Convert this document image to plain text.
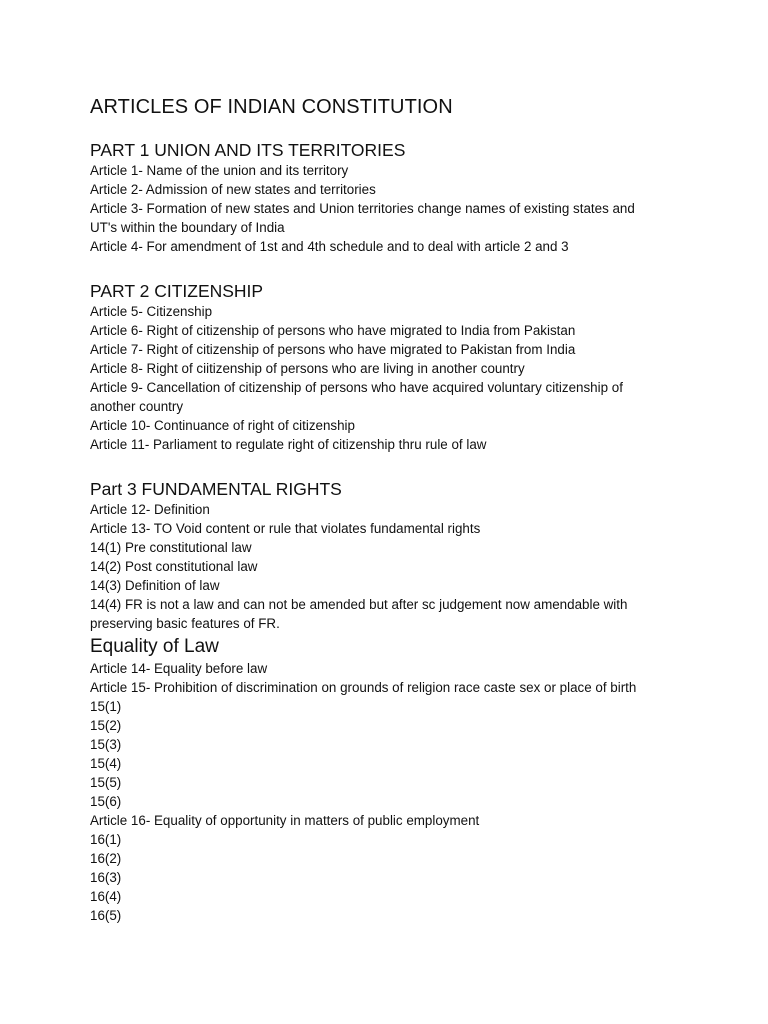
ARTICLES OF INDIAN CONSTITUTION
PART 1 UNION AND ITS TERRITORIES

Article 1- Name of the union and its territory

Article 2- Admission of new states and territories

Article 3- Formation of new states and Union territories change names of existing states and

UT's within the boundary of India

Article 4- For amendment of 1st and 4th schedule and to deal with article 2 and 3

PART 2 CITIZENSHIP

Article 5- Citizenship

Article 6- Right of citizenship of persons who have migrated to India from Pakistan

Article 7- Right of citizenship of persons who have migrated to Pakistan from India

Article 8- Right of ciitizenship of persons who are living in another country

Article 9- Cancellation of citizenship of persons who have acquired voluntary citizenship of

another country

Article 10- Continuance of right of citizenship

Article 11- Parliament to regulate right of citizenship thru rule of law

Part 3 FUNDAMENTAL RIGHTS

Article 12- Definition

Article 13- TO Void content or rule that violates fundamental rights

14(1) Pre constitutional law

14(2) Post constitutional law

14(3) Definition of law

14(4) FR is not a law and can not be amended but after sc judgement now amendable with

preserving basic features of FR.

Equality of Law

Article 14- Equality before law

Article 15- Prohibition of discrimination on grounds of religion race caste sex or place of birth

15(1)

15(2)

15(3)

15(4)

15(5)

15(6)

Article 16- Equality of opportunity in matters of public employment

16(1)

16(2)

16(3)

16(4)

16(5)
